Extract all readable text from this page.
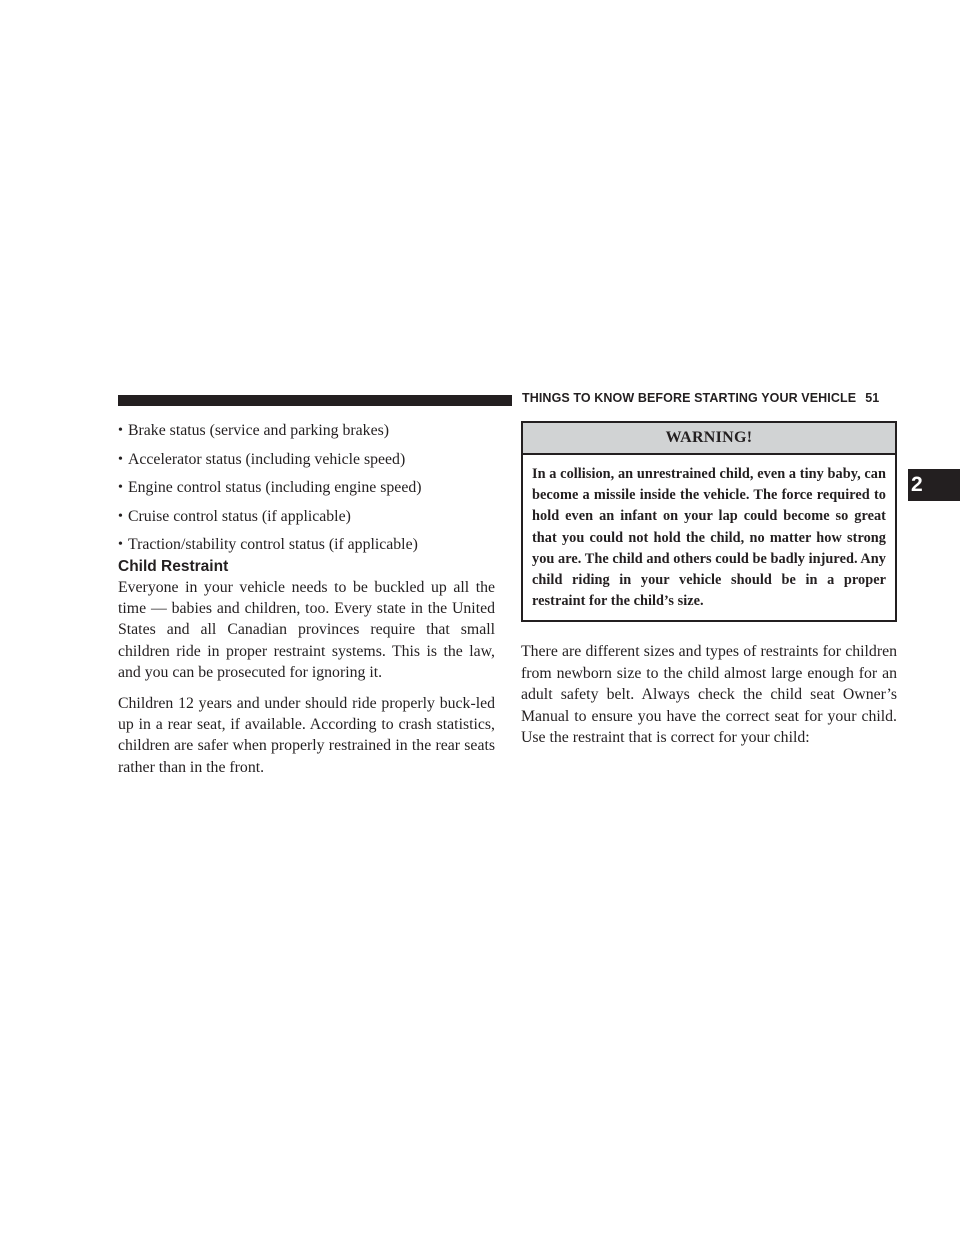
THINGS TO KNOW BEFORE STARTING YOUR VEHICLE 51
2
• Brake status (service and parking brakes)
• Accelerator status (including vehicle speed)
• Engine control status (including engine speed)
• Cruise control status (if applicable)
• Traction/stability control status (if applicable)
Child Restraint

Everyone in your vehicle needs to be buckled up all the time — babies and children, too. Every state in the United States and all Canadian provinces require that small children ride in proper restraint systems. This is the law, and you can be prosecuted for ignoring it.

Children 12 years and under should ride properly buck-led up in a rear seat, if available. According to crash statistics, children are safer when properly restrained in the rear seats rather than in the front.

WARNING!
In a collision, an unrestrained child, even a tiny baby, can become a missile inside the vehicle. The force required to hold even an infant on your lap could become so great that you could not hold the child, no matter how strong you are. The child and others could be badly injured. Any child riding in your vehicle should be in a proper restraint for the child’s size.

There are different sizes and types of restraints for children from newborn size to the child almost large enough for an adult safety belt. Always check the child seat Owner’s Manual to ensure you have the correct seat for your child. Use the restraint that is correct for your child:
